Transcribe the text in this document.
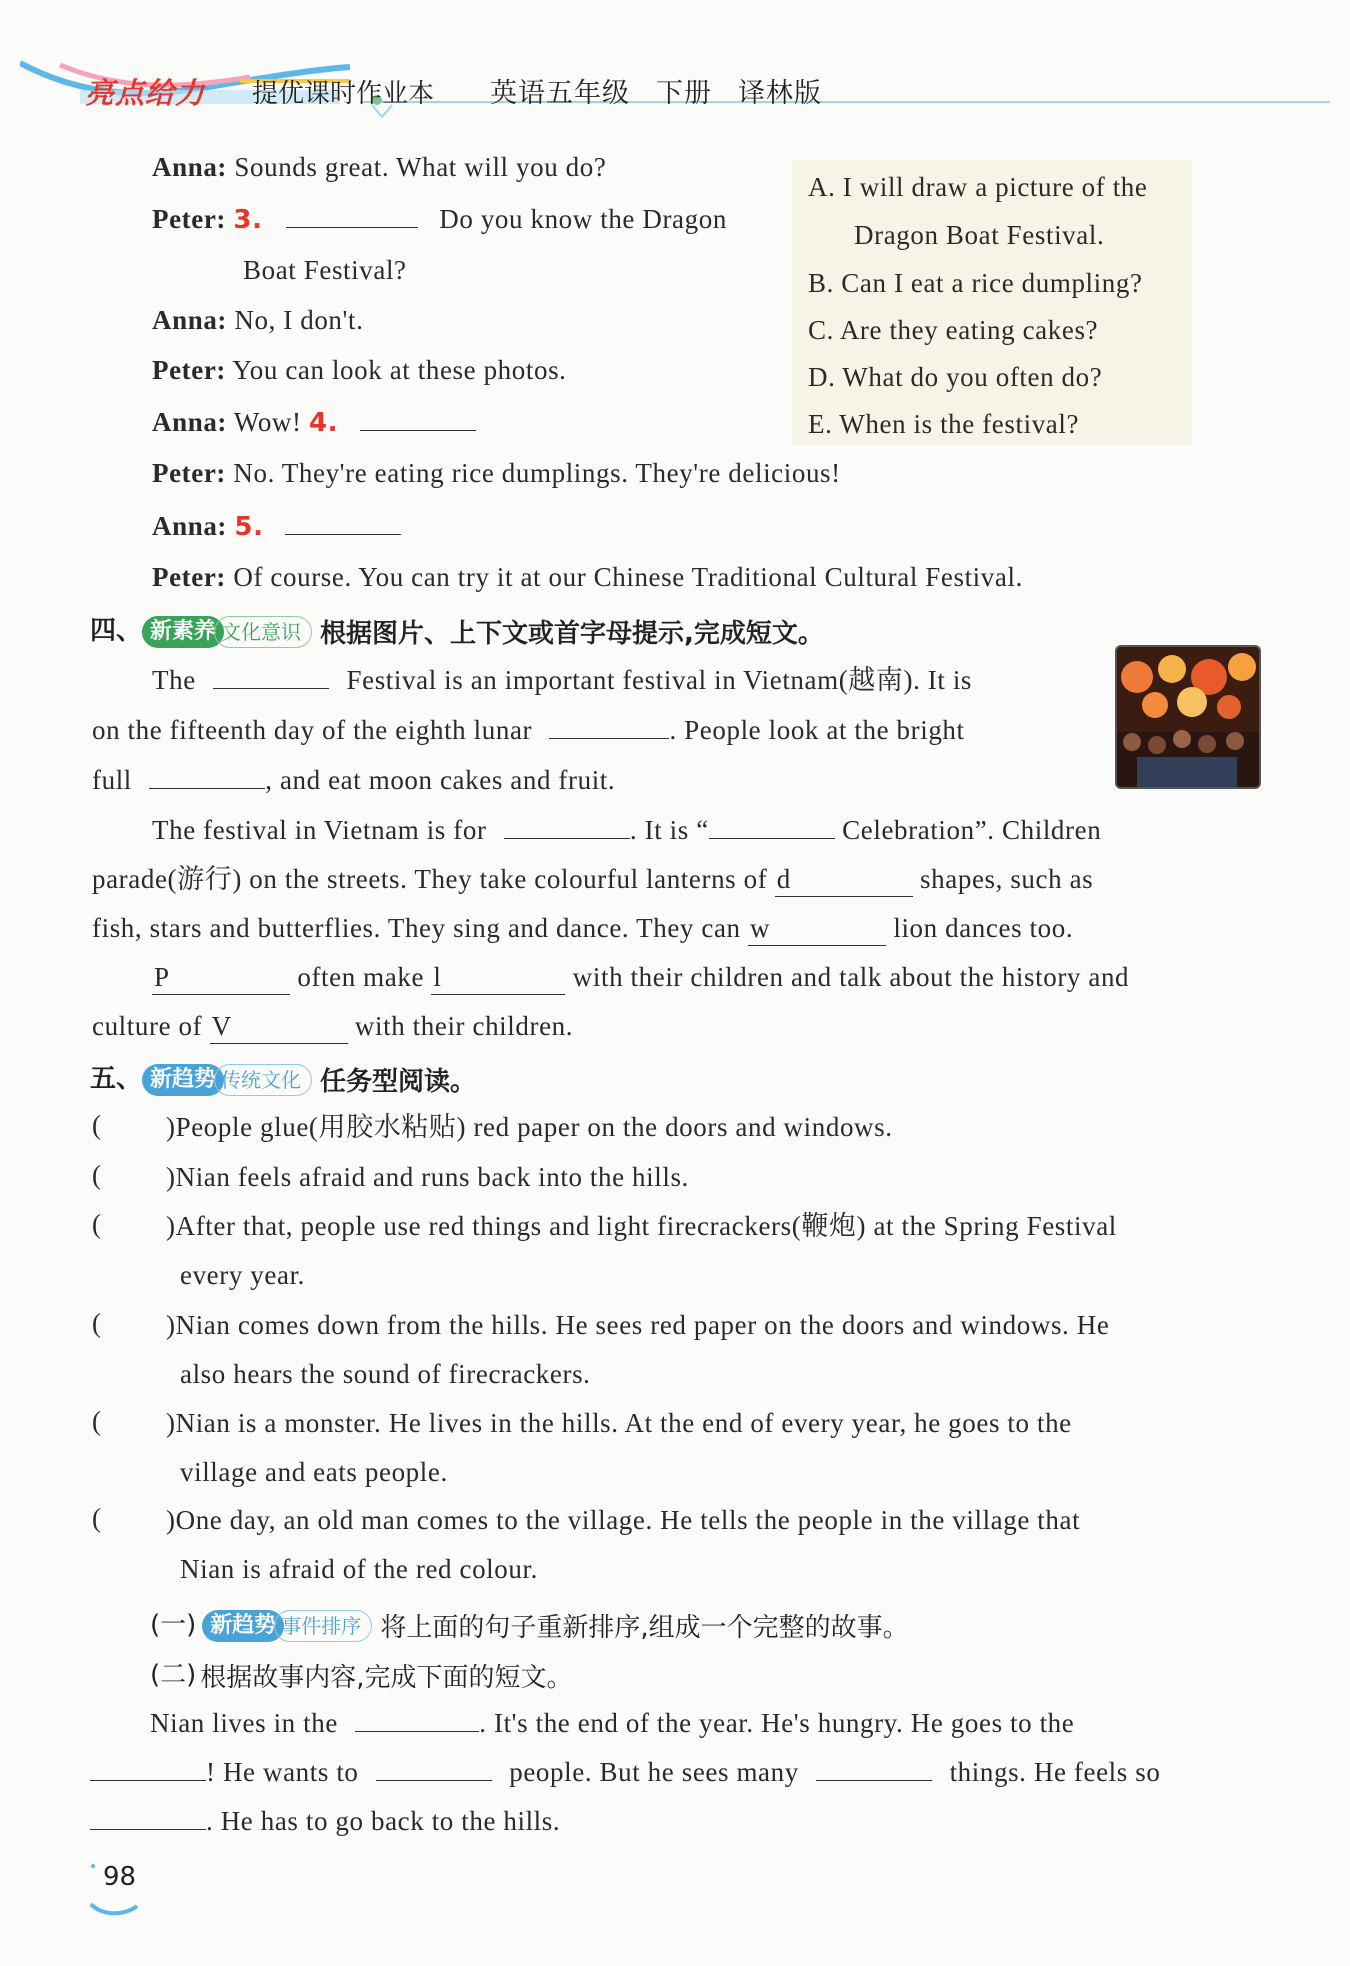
亮点给力 提优课时作业本 英语五年级 下册 译林版
A. I will draw a picture of the
Dragon Boat Festival.
B. Can I eat a rice dumpling?
C. Are they eating cakes?
D. What do you often do?
E. When is the festival?
Anna: Sounds great. What will you do?
Peter: 3.	Do you know the Dragon
Boat Festival?
Anna: No, I don't.
Peter: You can look at these photos.
Anna: Wow! 4.
Peter: No. They're eating rice dumplings. They're delicious!
Anna: 5.
Peter: Of course. You can try it at our Chinese Traditional Cultural Festival.
四、 新素养 文化意识 根据图片、上下文或首字母提示,完成短文。
The	Festival is an important festival in Vietnam(越南). It is
on the fifteenth day of the eighth lunar	. People look at the bright
full	, and eat moon cakes and fruit.
The festival in Vietnam is for	. It is “	Celebration”. Children
parade(游行) on the streets. They take colourful lanterns of d	shapes, such as
fish, stars and butterflies. They sing and dance. They can w	lion dances too.
P	often make l	with their children and talk about the history and
culture of V	with their children.
五、 新趋势 传统文化 任务型阅读。
( )People glue(用胶水粘贴) red paper on the doors and windows.
( )Nian feels afraid and runs back into the hills.
( )After that, people use red things and light firecrackers(鞭炮) at the Spring Festival
every year.
( )Nian comes down from the hills. He sees red paper on the doors and windows. He
also hears the sound of firecrackers.
( )Nian is a monster. He lives in the hills. At the end of every year, he goes to the
village and eats people.
( )One day, an old man comes to the village. He tells the people in the village that
Nian is afraid of the red colour.
(一) 新趋势 事件排序 将上面的句子重新排序,组成一个完整的故事。
(二) 根据故事内容,完成下面的短文。
Nian lives in the	. It's the end of the year. He's hungry. He goes to the
! He wants to	people. But he sees many	things. He feels so
. He has to go back to the hills.
98
